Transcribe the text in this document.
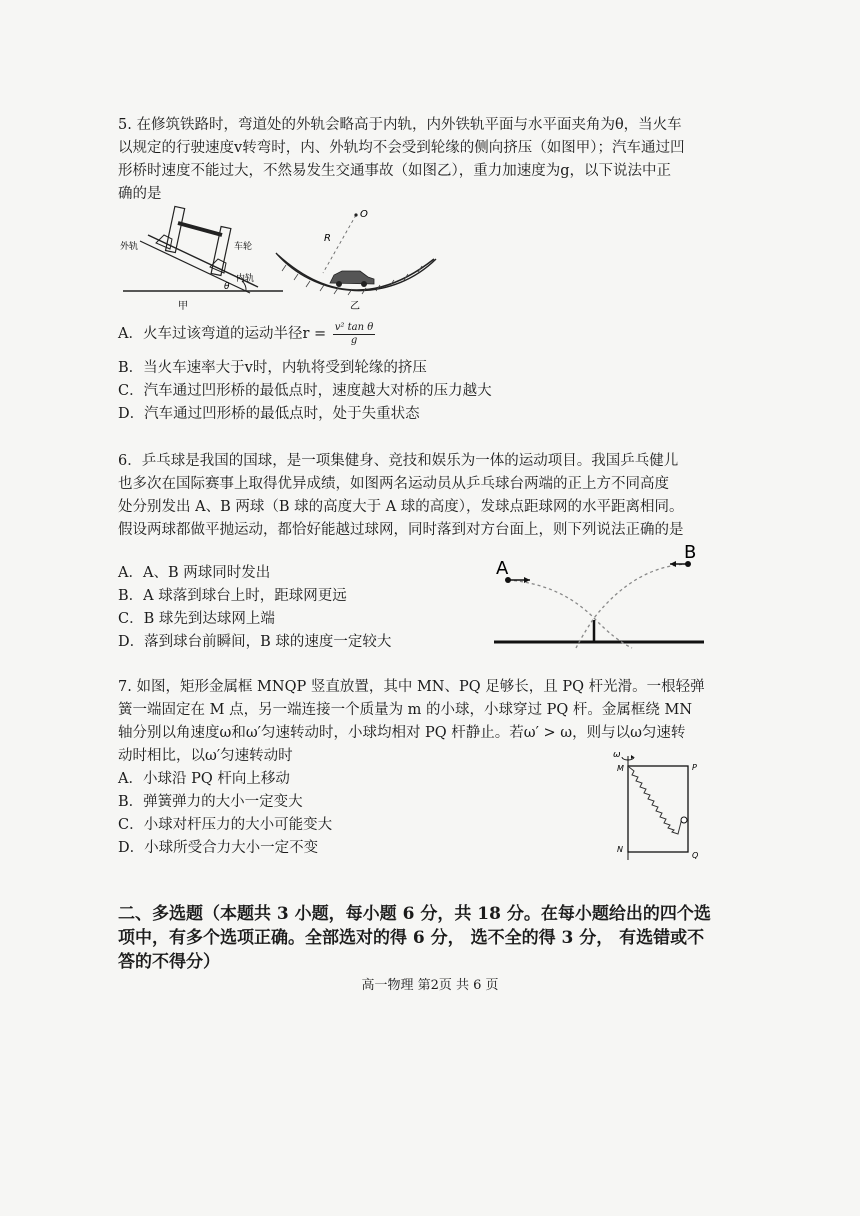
5. 在修筑铁路时，弯道处的外轨会略高于内轨，内外铁轨平面与水平面夹角为θ，当火车
以规定的行驶速度v转弯时，内、外轨均不会受到轮缘的侧向挤压（如图甲）；汽车通过凹
形桥时速度不能过大，不然易发生交通事故（如图乙），重力加速度为g，以下说法中正
确的是
外轨	车轮
内轨
θ
甲
O
R
乙
A．火车过该弯道的运动半径$r = \frac{\text{v² tan θ}}{g}$
B．当火车速率大于v时，内轨将受到轮缘的挤压
C．汽车通过凹形桥的最低点时，速度越大对桥的压力越大
D．汽车通过凹形桥的最低点时，处于失重状态
6．乒乓球是我国的国球，是一项集健身、竞技和娱乐为一体的运动项目。我国乒乓健儿
也多次在国际赛事上取得优异成绩，如图两名运动员从乒乓球台两端的正上方不同高度
处分别发出 A、B 两球（B 球的高度大于 A 球的高度），发球点距球网的水平距离相同。
假设两球都做平抛运动，都恰好能越过球网，同时落到对方台面上，则下列说法正确的是
A．A、B 两球同时发出
B．A 球落到球台上时，距球网更远
C．B 球先到达球网上端
D．落到球台前瞬间，B 球的速度一定较大
A
B
7. 如图，矩形金属框 MNQP 竖直放置，其中 MN、PQ 足够长，且 PQ 杆光滑。一根轻弹
簧一端固定在 M 点，另一端连接一个质量为 m 的小球，小球穿过 PQ 杆。金属框绕 MN
轴分别以角速度ω和ω′匀速转动时，小球均相对 PQ 杆静止。若ω′ > ω，则与以ω匀速转
动时相比，以ω′匀速转动时
A．小球沿 PQ 杆向上移动
B．弹簧弹力的大小一定变大
C．小球对杆压力的大小可能变大
D．小球所受合力大小一定不变
ω
M	P
N
Q
二、多选题（本题共 3 小题，每小题 6 分，共 18 分。在每小题给出的四个选
项中，有多个选项正确。全部选对的得 6 分， 选不全的得 3 分， 有选错或不
答的不得分）
高一物理 第2页 共 6 页
